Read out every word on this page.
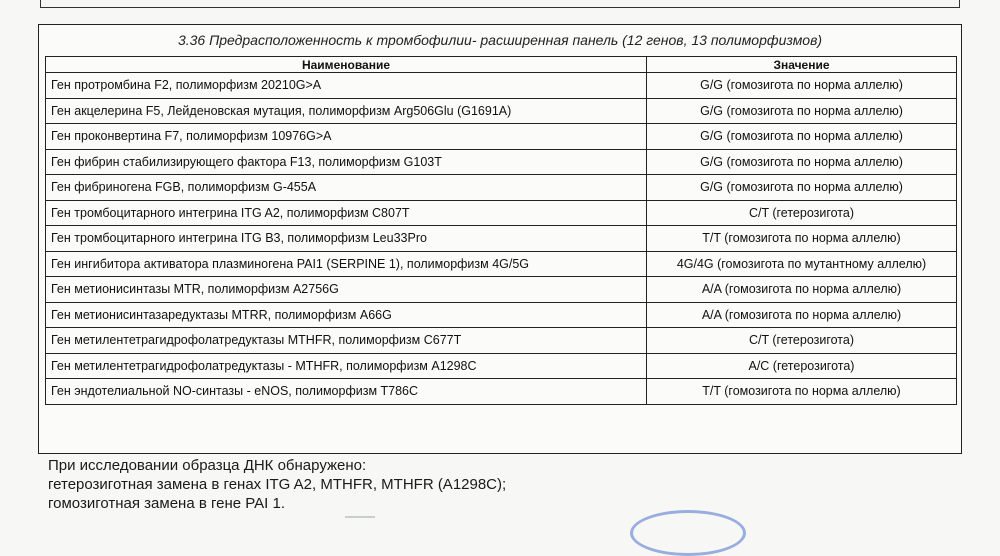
3.36 Предрасположенность к тромбофилии- расширенная панель (12 генов, 13 полиморфизмов)
Наименование	Значение
Ген протромбина F2, полиморфизм 20210G>A	G/G (гомозигота по норма аллелю)
Ген акцелерина F5, Лейденовская мутация, полиморфизм Arg506Glu (G1691A)	G/G (гомозигота по норма аллелю)
Ген проконвертина F7, полиморфизм 10976G>A	G/G (гомозигота по норма аллелю)
Ген фибрин стабилизирующего фактора F13, полиморфизм G103T	G/G (гомозигота по норма аллелю)
Ген фибриногена FGB, полиморфизм G-455A	G/G (гомозигота по норма аллелю)
Ген тромбоцитарного интегрина ITG A2, полиморфизм C807T	C/T (гетерозигота)
Ген тромбоцитарного интегрина ITG B3, полиморфизм Leu33Pro	T/T (гомозигота по норма аллелю)
Ген ингибитора активатора плазминогена PAI1 (SERPINE 1), полиморфизм 4G/5G	4G/4G (гомозигота по мутантному аллелю)
Ген метионисинтазы MTR, полиморфизм A2756G	A/A (гомозигота по норма аллелю)
Ген метионисинтазаредуктазы MTRR, полиморфизм A66G	A/A (гомозигота по норма аллелю)
Ген метилентетрагидрофолатредуктазы MTHFR, полиморфизм C677T	C/T (гетерозигота)
Ген метилентетрагидрофолатредуктазы - MTHFR, полиморфизм A1298C	A/C (гетерозигота)
Ген эндотелиальной NO-синтазы - eNOS, полиморфизм T786C	T/T (гомозигота по норма аллелю)
При исследовании образца ДНК обнаружено:
гетерозиготная замена в генах ITG A2, MTHFR, MTHFR (A1298C);
гомозиготная замена в гене PAI 1.
